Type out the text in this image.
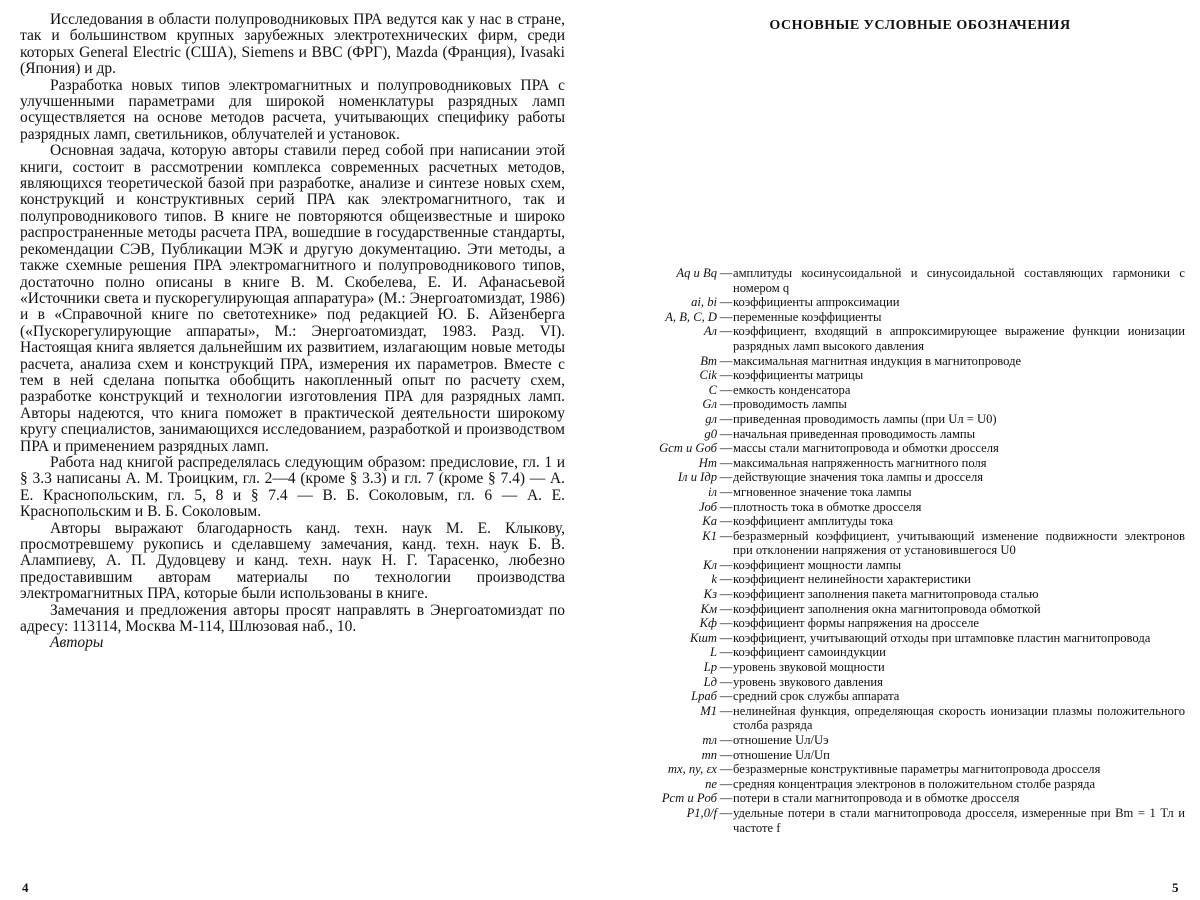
Исследования в области полупроводниковых ПРА ведутся как у нас в стране, так и большинством крупных зарубежных электротехнических фирм, среди которых General Electric (США), Siemens и BBC (ФРГ), Mazda (Франция), Ivasaki (Япония) и др.

Разработка новых типов электромагнитных и полупроводниковых ПРА с улучшенными параметрами для широкой номенклатуры разрядных ламп осуществляется на основе методов расчета, учитывающих специфику работы разрядных ламп, светильников, облучателей и установок.

Основная задача, которую авторы ставили перед собой при написании этой книги, состоит в рассмотрении комплекса современных расчетных методов, являющихся теоретической базой при разработке, анализе и синтезе новых схем, конструкций и конструктивных серий ПРА как электромагнитного, так и полупроводникового типов. В книге не повторяются общеизвестные и широко распространенные методы расчета ПРА, вошедшие в государственные стандарты, рекомендации СЭВ, Публикации МЭК и другую документацию. Эти методы, а также схемные решения ПРА электромагнитного и полупроводникового типов, достаточно полно описаны в книге В. М. Скобелева, Е. И. Афанасьевой «Источники света и пускорегулирующая аппаратура» (М.: Энергоатомиздат, 1986) и в «Справочной книге по светотехнике» под редакцией Ю. Б. Айзенберга («Пускорегулирующие аппараты», М.: Энергоатомиздат, 1983. Разд. VI). Настоящая книга является дальнейшим их развитием, излагающим новые методы расчета, анализа схем и конструкций ПРА, измерения их параметров. Вместе с тем в ней сделана попытка обобщить накопленный опыт по расчету схем, разработке конструкций и технологии изготовления ПРА для разрядных ламп. Авторы надеются, что книга поможет в практической деятельности широкому кругу специалистов, занимающихся исследованием, разработкой и производством ПРА и применением разрядных ламп.

Работа над книгой распределялась следующим образом: предисловие, гл. 1 и § 3.3 написаны А. М. Троицким, гл. 2—4 (кроме § 3.3) и гл. 7 (кроме § 7.4) — А. Е. Краснопольским, гл. 5, 8 и § 7.4 — В. Б. Соколовым, гл. 6 — А. Е. Краснопольским и В. Б. Соколовым.

Авторы выражают благодарность канд. техн. наук М. Е. Клыкову, просмотревшему рукопись и сделавшему замечания, канд. техн. наук Б. В. Алампиеву, А. П. Дудовцеву и канд. техн. наук Н. Г. Тарасенко, любезно предоставившим авторам материалы по технологии производства электромагнитных ПРА, которые были использованы в книге.

Замечания и предложения авторы просят направлять в Энергоатомиздат по адресу: 113114, Москва М-114, Шлюзовая наб., 10.

Авторы

4
ОСНОВНЫЕ УСЛОВНЫЕ ОБОЗНАЧЕНИЯ
Aq и Bq — амплитуды косинусоидальной и синусоидальной составляющих гармоники с номером q
ai, bi — коэффициенты аппроксимации
A, B, C, D — переменные коэффициенты
Aл — коэффициент, входящий в аппроксимирующее выражение функции ионизации разрядных ламп высокого давления
Bm — максимальная магнитная индукция в магнитопроводе
Cik — коэффициенты матрицы
C — емкость конденсатора
Gл — проводимость лампы
gл — приведенная проводимость лампы (при Uл = U0)
g0 — начальная приведенная проводимость лампы
Gст и Gоб — массы стали магнитопровода и обмотки дросселя
Hm — максимальная напряженность магнитного поля
Iл и Iдр — действующие значения тока лампы и дросселя
iл — мгновенное значение тока лампы
Jоб — плотность тока в обмотке дросселя
Kа — коэффициент амплитуды тока
K1 — безразмерный коэффициент, учитывающий изменение подвижности электронов при отклонении напряжения от установившегося U0
Kл — коэффициент мощности лампы
k — коэффициент нелинейности характеристики
Kз — коэффициент заполнения пакета магнитопровода сталью
Kм — коэффициент заполнения окна магнитопровода обмоткой
Kф — коэффициент формы напряжения на дросселе
Kшт — коэффициент, учитывающий отходы при штамповке пластин магнитопровода
L — коэффициент самоиндукции
Lp — уровень звуковой мощности
Lд — уровень звукового давления
Lраб — средний срок службы аппарата
M1 — нелинейная функция, определяющая скорость ионизации плазмы положительного столба разряда
mл — отношение Uл/Uэ
mп — отношение Uл/Uп
mх, nу, εх — безразмерные конструктивные параметры магнитопровода дросселя
ne — средняя концентрация электронов в положительном столбе разряда
Pст и Pоб — потери в стали магнитопровода и в обмотке дросселя
P1,0/f — удельные потери в стали магнитопровода дросселя, измеренные при Bm = 1 Тл и частоте f
5
